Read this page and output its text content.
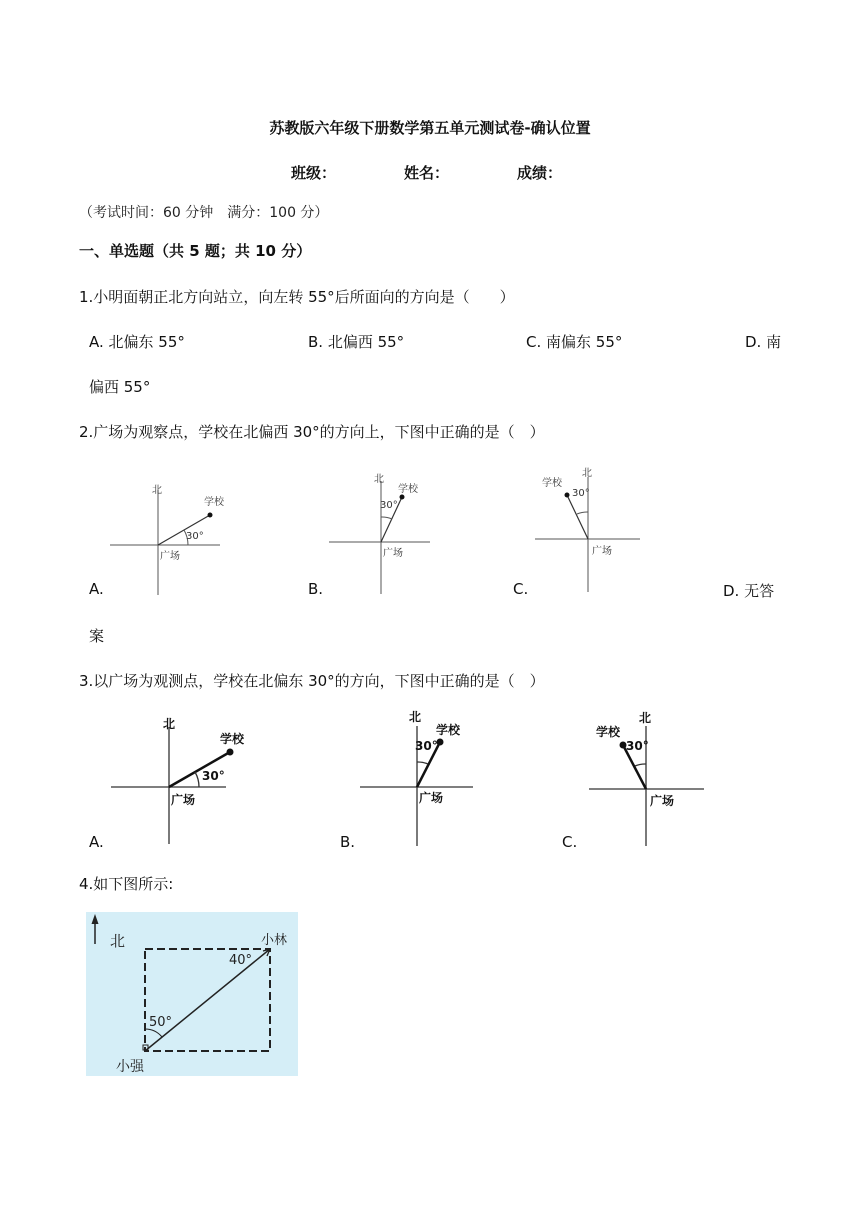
苏教版六年级下册数学第五单元测试卷-确认位置
班级：	姓名：	成绩：
（考试时间：60 分钟　满分：100 分）
一、单选题（共 5 题；共 10 分）
1.小明面朝正北方向站立，向左转 55°后所面向的方向是（　　）
A. 北偏东 55°	B. 北偏西 55°	C. 南偏东 55°	D. 南
偏西 55°
2.广场为观察点，学校在北偏西 30°的方向上，下图中正确的是（　）
北
学校
30°
广场
A.
北
学校
30°
广场
B.
北
学校
30°
广场
C.	D. 无答
案
3.以广场为观测点，学校在北偏东 30°的方向，下图中正确的是（　）
北
学校
30°
广场
A.
北
学校
30°
广场
B.
北
学校
30°
广场
C.
4.如下图所示:
北	小林
40°
50°
小强
